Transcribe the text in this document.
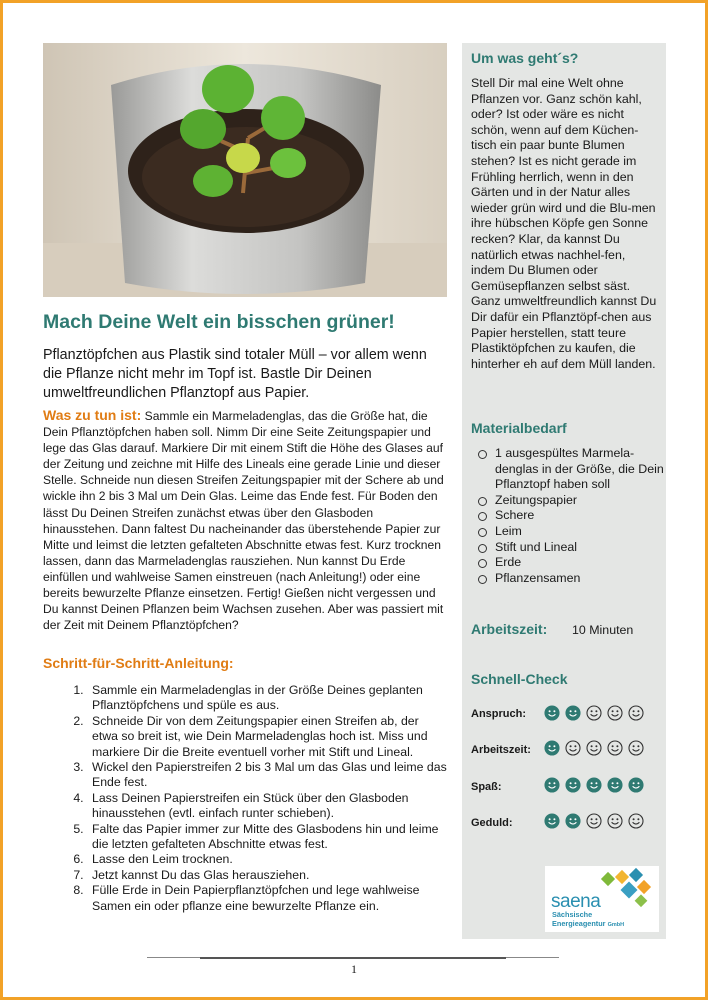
Mach Deine Welt ein bisschen grüner!
Pflanztöpfchen aus Plastik sind totaler Müll – vor allem wenn die Pflanze nicht mehr im Topf ist. Bastle Dir Deinen umweltfreundlichen Pflanztopf aus Papier.
Was zu tun ist: Sammle ein Marmeladenglas, das die Größe hat, die Dein Pflanztöpfchen haben soll. Nimm Dir eine Seite Zeitungspapier und lege das Glas darauf. Markiere Dir mit einem Stift die Höhe des Glases auf der Zeitung und zeichne mit Hilfe des Lineals eine gerade Linie und dieser Stelle. Schneide nun diesen Streifen Zeitungspapier mit der Schere ab und wickle ihn 2 bis 3 Mal um Dein Glas. Leime das Ende fest. Für Boden den lässt Du Deinen Streifen zunächst etwas über den Glasboden hinausstehen. Dann faltest Du nacheinander das überstehende Papier zur Mitte und leimst die letzten gefalteten Abschnitte etwas fest. Kurz trocknen lassen, dann das Marmeladenglas rausziehen. Nun kannst Du Erde einfüllen und wahlweise Samen einstreuen (nach Anleitung!) oder eine bereits bewurzelte Pflanze einsetzen. Fertig! Gießen nicht vergessen und Du kannst Deinen Pflanzen beim Wachsen zusehen. Aber was passiert mit der Zeit mit Deinem Pflanztöpfchen?
Schritt-für-Schritt-Anleitung:
1. Sammle ein Marmeladenglas in der Größe Deines geplanten Pflanztöpfchens und spüle es aus.
2. Schneide Dir von dem Zeitungspapier einen Streifen ab, der etwa so breit ist, wie Dein Marmeladenglas hoch ist. Miss und markiere Dir die Breite eventuell vorher mit Stift und Lineal.
3. Wickel den Papierstreifen 2 bis 3 Mal um das Glas und leime das Ende fest.
4. Lass Deinen Papierstreifen ein Stück über den Glasboden hinausstehen (evtl. einfach runter schieben).
5. Falte das Papier immer zur Mitte des Glasbodens hin und leime die letzten gefalteten Abschnitte etwas fest.
6. Lasse den Leim trocknen.
7. Jetzt kannst Du das Glas herausziehen.
8. Fülle Erde in Dein Papierpflanztöpfchen und lege wahlweise Samen ein oder pflanze eine bewurzelte Pflanze ein.
Um was geht´s?
Stell Dir mal eine Welt ohne Pflanzen vor. Ganz schön kahl, oder? Ist oder wäre es nicht schön, wenn auf dem Küchen-tisch ein paar bunte Blumen stehen? Ist es nicht gerade im Frühling herrlich, wenn in den Gärten und in der Natur alles wieder grün wird und die Blu-men ihre hübschen Köpfe gen Sonne recken? Klar, da kannst Du natürlich etwas nachhel-fen, indem Du Blumen oder Gemüsepflanzen selbst säst. Ganz umweltfreundlich kannst Du Dir dafür ein Pflanztöpf-chen aus Papier herstellen, statt teure Plastiktöpfchen zu kaufen, die hinterher eh auf dem Müll landen.
Materialbedarf
1 ausgespültes Marmela-denglas in der Größe, die Dein Pflanztopf haben soll
Zeitungspapier
Schere
Leim
Stift und Lineal
Erde
Pflanzensamen
Arbeitszeit: 10 Minuten
Schnell-Check
Anspruch:
Arbeitszeit:
Spaß:
Geduld:
saena
Sächsische
Energieagentur GmbH
1
